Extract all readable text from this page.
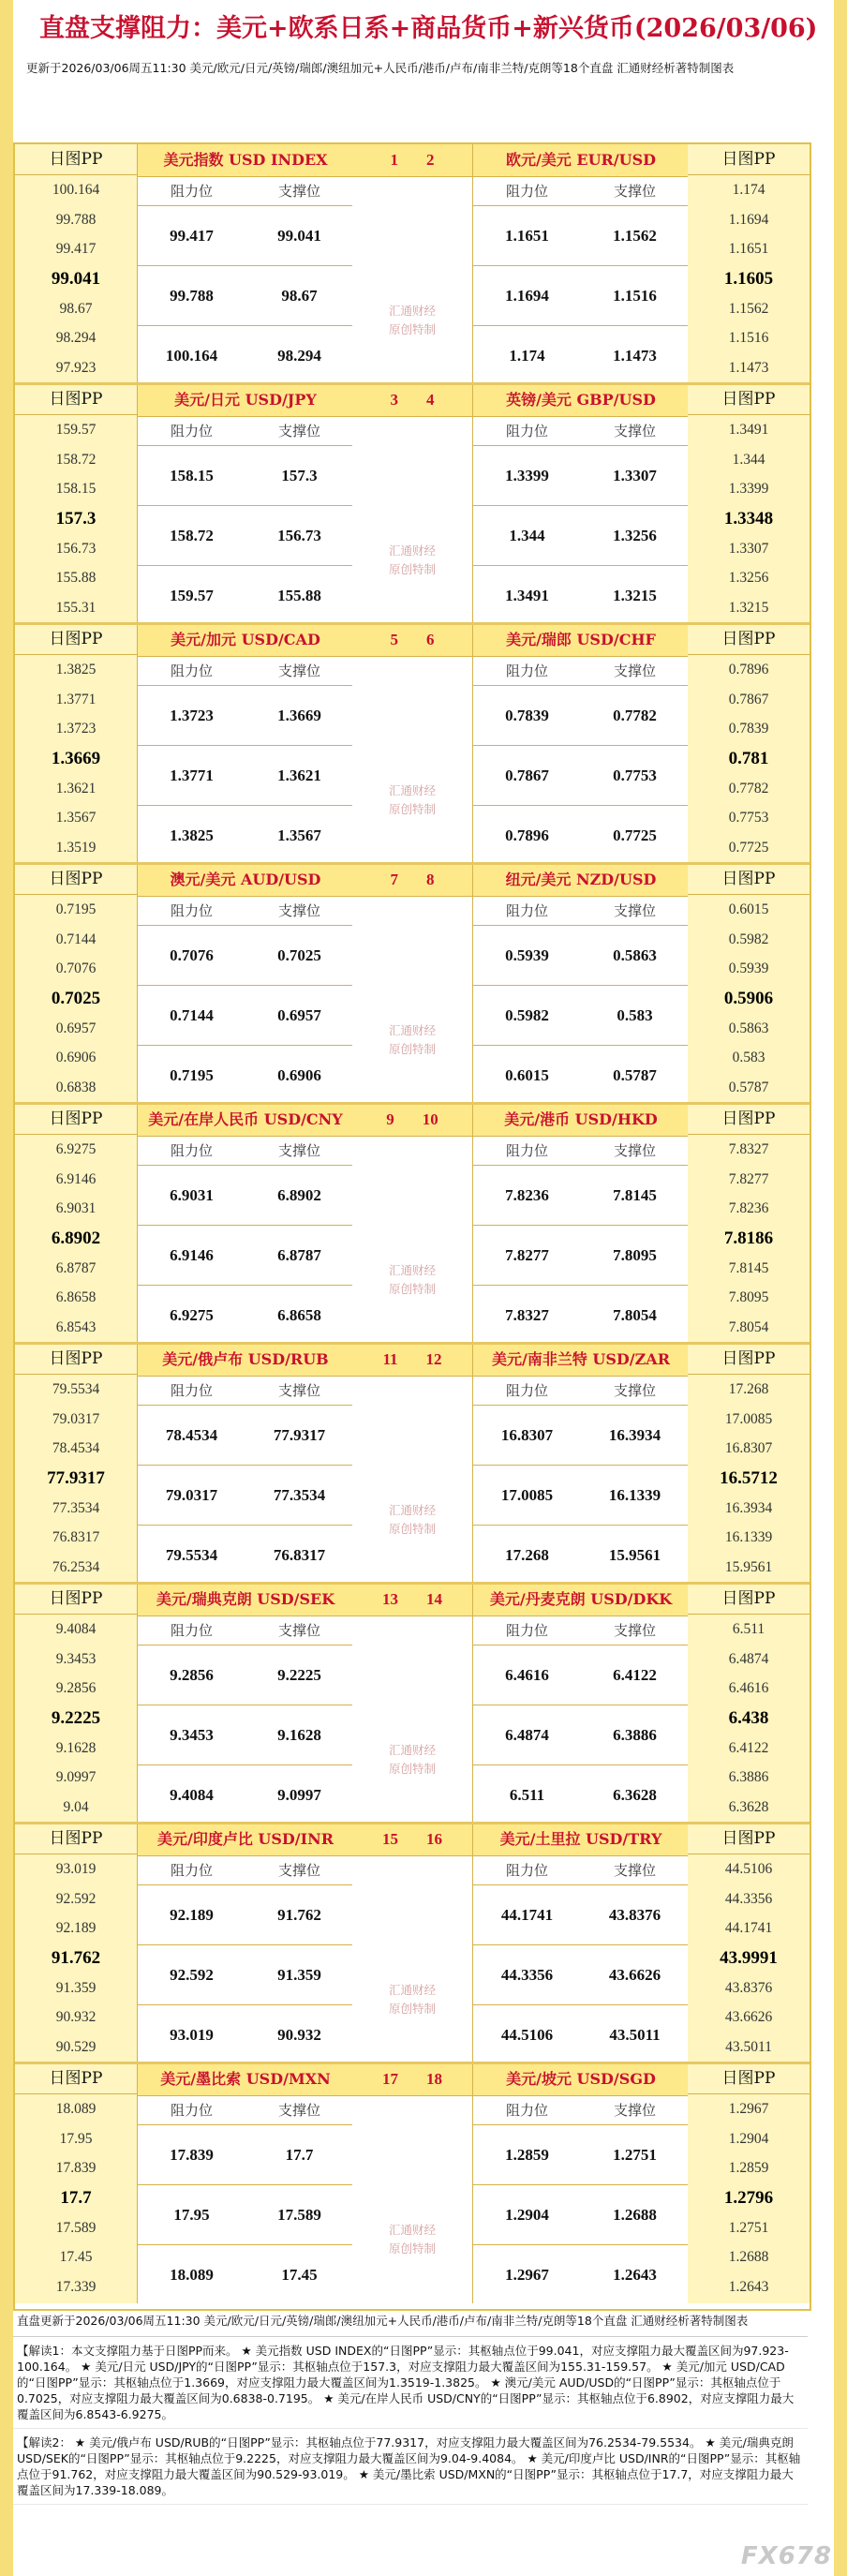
直盘支撑阻力：美元+欧系日系+商品货币+新兴货币(2026/03/06)
更新于2026/03/06周五11:30 美元/欧元/日元/英镑/瑞郎/澳纽加元+人民币/港币/卢布/南非兰特/克朗等18个直盘 汇通财经析著特制图表
日图PP
100.164
99.788
99.417
99.041
98.67
98.294
97.923
美元指数 USD INDEX
阻力位	支撑位
99.417	99.041
99.788	98.67
100.164	98.294
1 2
汇通财经
原创特制
欧元/美元 EUR/USD
阻力位	支撑位
1.1651	1.1562
1.1694	1.1516
1.174	1.1473
日图PP
1.174
1.1694
1.1651
1.1605
1.1562
1.1516
1.1473
日图PP
159.57
158.72
158.15
157.3
156.73
155.88
155.31
美元/日元 USD/JPY
阻力位	支撑位
158.15	157.3
158.72	156.73
159.57	155.88
3 4
汇通财经
原创特制
英镑/美元 GBP/USD
阻力位	支撑位
1.3399	1.3307
1.344	1.3256
1.3491	1.3215
日图PP
1.3491
1.344
1.3399
1.3348
1.3307
1.3256
1.3215
日图PP
1.3825
1.3771
1.3723
1.3669
1.3621
1.3567
1.3519
美元/加元 USD/CAD
阻力位	支撑位
1.3723	1.3669
1.3771	1.3621
1.3825	1.3567
5 6
汇通财经
原创特制
美元/瑞郎 USD/CHF
阻力位	支撑位
0.7839	0.7782
0.7867	0.7753
0.7896	0.7725
日图PP
0.7896
0.7867
0.7839
0.781
0.7782
0.7753
0.7725
日图PP
0.7195
0.7144
0.7076
0.7025
0.6957
0.6906
0.6838
澳元/美元 AUD/USD
阻力位	支撑位
0.7076	0.7025
0.7144	0.6957
0.7195	0.6906
7 8
汇通财经
原创特制
纽元/美元 NZD/USD
阻力位	支撑位
0.5939	0.5863
0.5982	0.583
0.6015	0.5787
日图PP
0.6015
0.5982
0.5939
0.5906
0.5863
0.583
0.5787
日图PP
6.9275
6.9146
6.9031
6.8902
6.8787
6.8658
6.8543
美元/在岸人民币 USD/CNY
阻力位	支撑位
6.9031	6.8902
6.9146	6.8787
6.9275	6.8658
9 10
汇通财经
原创特制
美元/港币 USD/HKD
阻力位	支撑位
7.8236	7.8145
7.8277	7.8095
7.8327	7.8054
日图PP
7.8327
7.8277
7.8236
7.8186
7.8145
7.8095
7.8054
日图PP
79.5534
79.0317
78.4534
77.9317
77.3534
76.8317
76.2534
美元/俄卢布 USD/RUB
阻力位	支撑位
78.4534	77.9317
79.0317	77.3534
79.5534	76.8317
11 12
汇通财经
原创特制
美元/南非兰特 USD/ZAR
阻力位	支撑位
16.8307	16.3934
17.0085	16.1339
17.268	15.9561
日图PP
17.268
17.0085
16.8307
16.5712
16.3934
16.1339
15.9561
日图PP
9.4084
9.3453
9.2856
9.2225
9.1628
9.0997
9.04
美元/瑞典克朗 USD/SEK
阻力位	支撑位
9.2856	9.2225
9.3453	9.1628
9.4084	9.0997
13 14
汇通财经
原创特制
美元/丹麦克朗 USD/DKK
阻力位	支撑位
6.4616	6.4122
6.4874	6.3886
6.511	6.3628
日图PP
6.511
6.4874
6.4616
6.438
6.4122
6.3886
6.3628
日图PP
93.019
92.592
92.189
91.762
91.359
90.932
90.529
美元/印度卢比 USD/INR
阻力位	支撑位
92.189	91.762
92.592	91.359
93.019	90.932
15 16
汇通财经
原创特制
美元/土里拉 USD/TRY
阻力位	支撑位
44.1741	43.8376
44.3356	43.6626
44.5106	43.5011
日图PP
44.5106
44.3356
44.1741
43.9991
43.8376
43.6626
43.5011
日图PP
18.089
17.95
17.839
17.7
17.589
17.45
17.339
美元/墨比索 USD/MXN
阻力位	支撑位
17.839	17.7
17.95	17.589
18.089	17.45
17 18
汇通财经
原创特制
美元/坡元 USD/SGD
阻力位	支撑位
1.2859	1.2751
1.2904	1.2688
1.2967	1.2643
日图PP
1.2967
1.2904
1.2859
1.2796
1.2751
1.2688
1.2643
直盘更新于2026/03/06周五11:30 美元/欧元/日元/英镑/瑞郎/澳纽加元+人民币/港币/卢布/南非兰特/克朗等18个直盘 汇通财经析著特制图表
【解读1：本文支撑阻力基于日图PP而来。 ★ 美元指数 USD INDEX的“日图PP”显示：其枢轴点位于99.041，对应支撑阻力最大覆盖区间为97.923-100.164。 ★ 美元/日元 USD/JPY的“日图PP”显示：其枢轴点位于157.3，对应支撑阻力最大覆盖区间为155.31-159.57。 ★ 美元/加元 USD/CAD的“日图PP”显示：其枢轴点位于1.3669，对应支撑阻力最大覆盖区间为1.3519-1.3825。 ★ 澳元/美元 AUD/USD的“日图PP”显示：其枢轴点位于0.7025，对应支撑阻力最大覆盖区间为0.6838-0.7195。 ★ 美元/在岸人民币 USD/CNY的“日图PP”显示：其枢轴点位于6.8902，对应支撑阻力最大覆盖区间为6.8543-6.9275。
【解读2： ★ 美元/俄卢布 USD/RUB的“日图PP”显示：其枢轴点位于77.9317，对应支撑阻力最大覆盖区间为76.2534-79.5534。 ★ 美元/瑞典克朗 USD/SEK的“日图PP”显示：其枢轴点位于9.2225，对应支撑阻力最大覆盖区间为9.04-9.4084。 ★ 美元/印度卢比 USD/INR的“日图PP”显示：其枢轴点位于91.762，对应支撑阻力最大覆盖区间为90.529-93.019。 ★ 美元/墨比索 USD/MXN的“日图PP”显示：其枢轴点位于17.7，对应支撑阻力最大覆盖区间为17.339-18.089。
FX678
